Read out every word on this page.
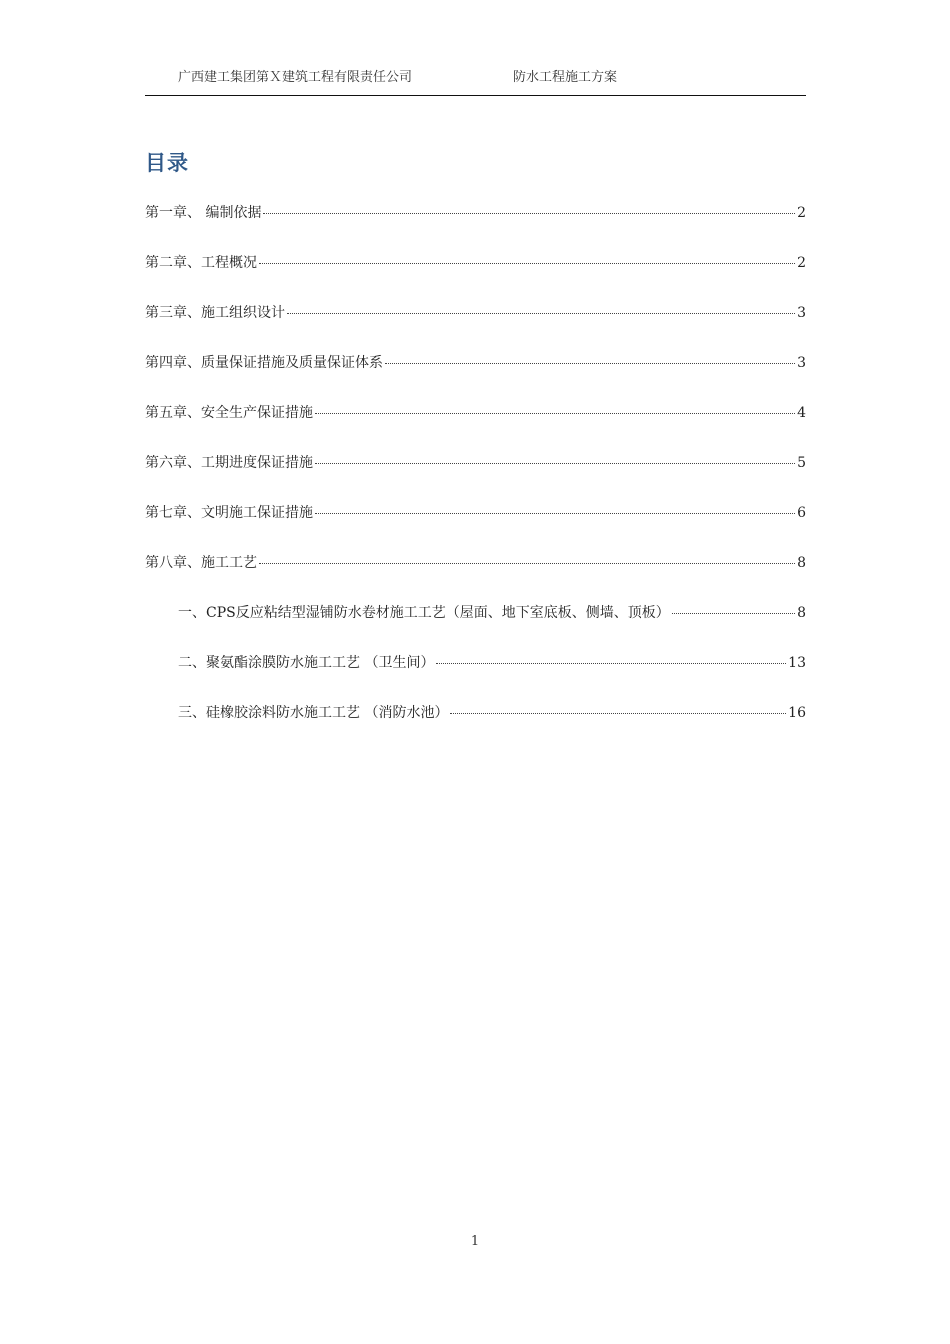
广西建工集团第Ｘ建筑工程有限责任公司	防水工程施工方案
目录
第一章、 编制依据	2
第二章、工程概况	2
第三章、施工组织设计	3
第四章、质量保证措施及质量保证体系	3
第五章、安全生产保证措施	4
第六章、工期进度保证措施	5
第七章、文明施工保证措施	6
第八章、施工工艺	8
一、CPS反应粘结型湿铺防水卷材施工工艺（屋面、地下室底板、侧墙、顶板）	8
二、聚氨酯涂膜防水施工工艺 （卫生间）	13
三、硅橡胶涂料防水施工工艺 （消防水池）	16
1
